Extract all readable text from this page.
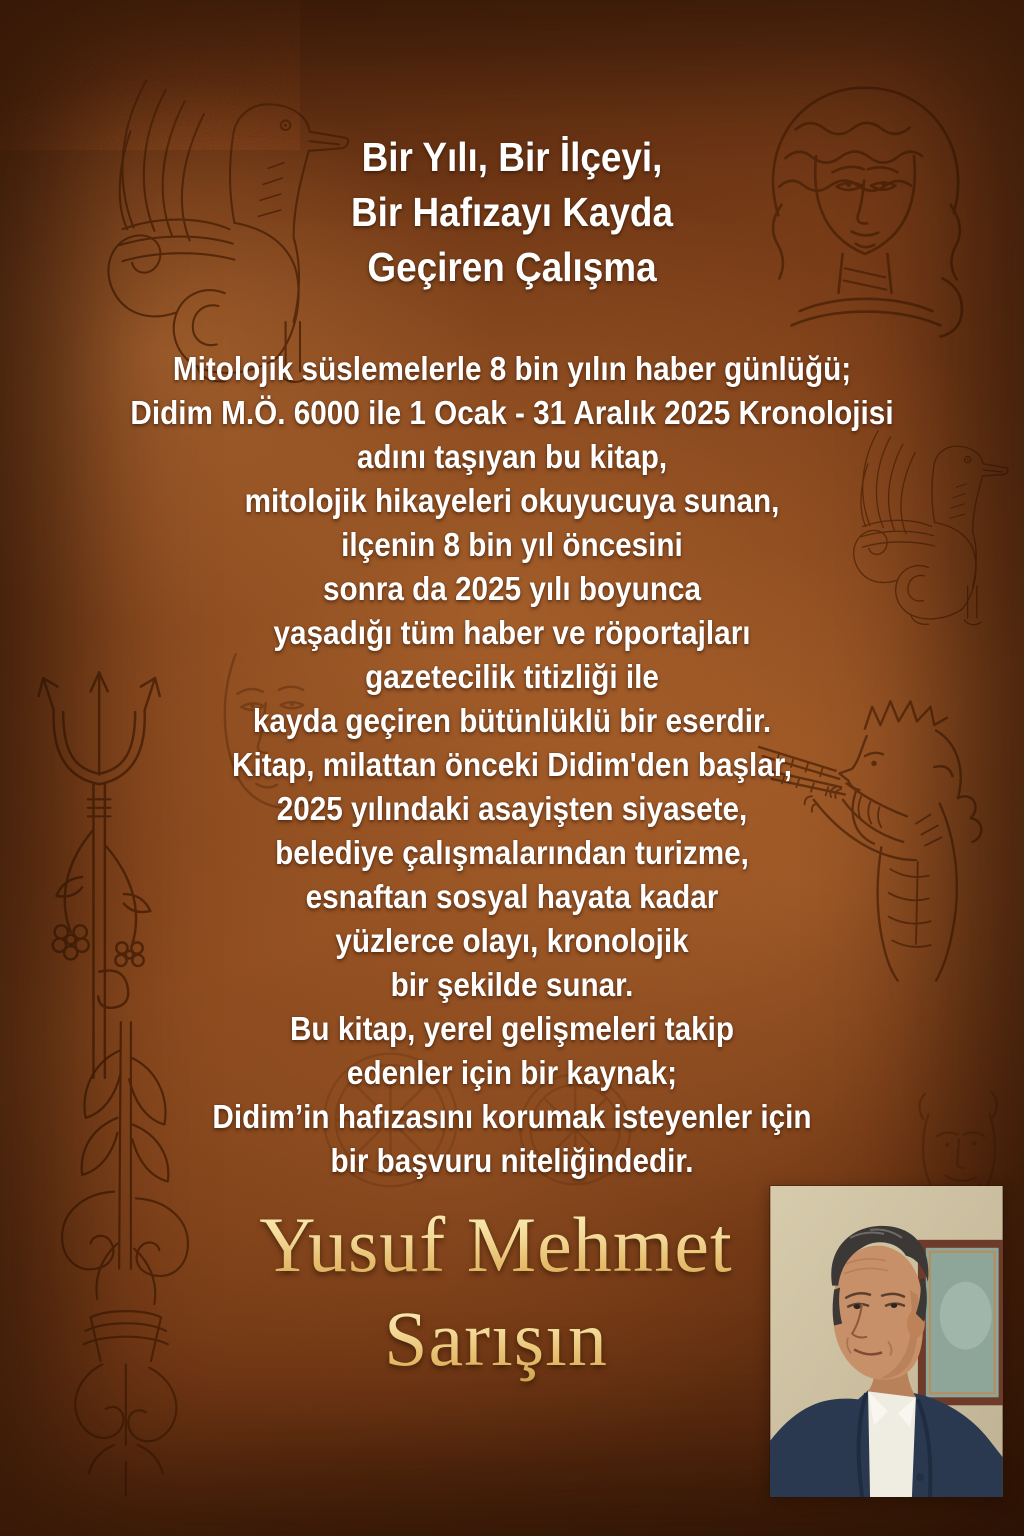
Bir Yılı, Bir İlçeyi,
Bir Hafızayı Kayda
Geçiren Çalışma
Mitolojik süslemelerle 8 bin yılın haber günlüğü;
Didim M.Ö. 6000 ile 1 Ocak - 31 Aralık 2025 Kronolojisi
adını taşıyan bu kitap,
mitolojik hikayeleri okuyucuya sunan,
ilçenin 8 bin yıl öncesini
sonra da 2025 yılı boyunca
yaşadığı tüm haber ve röportajları
gazetecilik titizliği ile
kayda geçiren bütünlüklü bir eserdir.
Kitap, milattan önceki Didim'den başlar,
2025 yılındaki asayişten siyasete,
belediye çalışmalarından turizme,
esnaftan sosyal hayata kadar
yüzlerce olayı, kronolojik
bir şekilde sunar.
Bu kitap, yerel gelişmeleri takip
edenler için bir kaynak;
Didim’in hafızasını korumak isteyenler için
bir başvuru niteliğindedir.
Yusuf Mehmet
Sarışın
